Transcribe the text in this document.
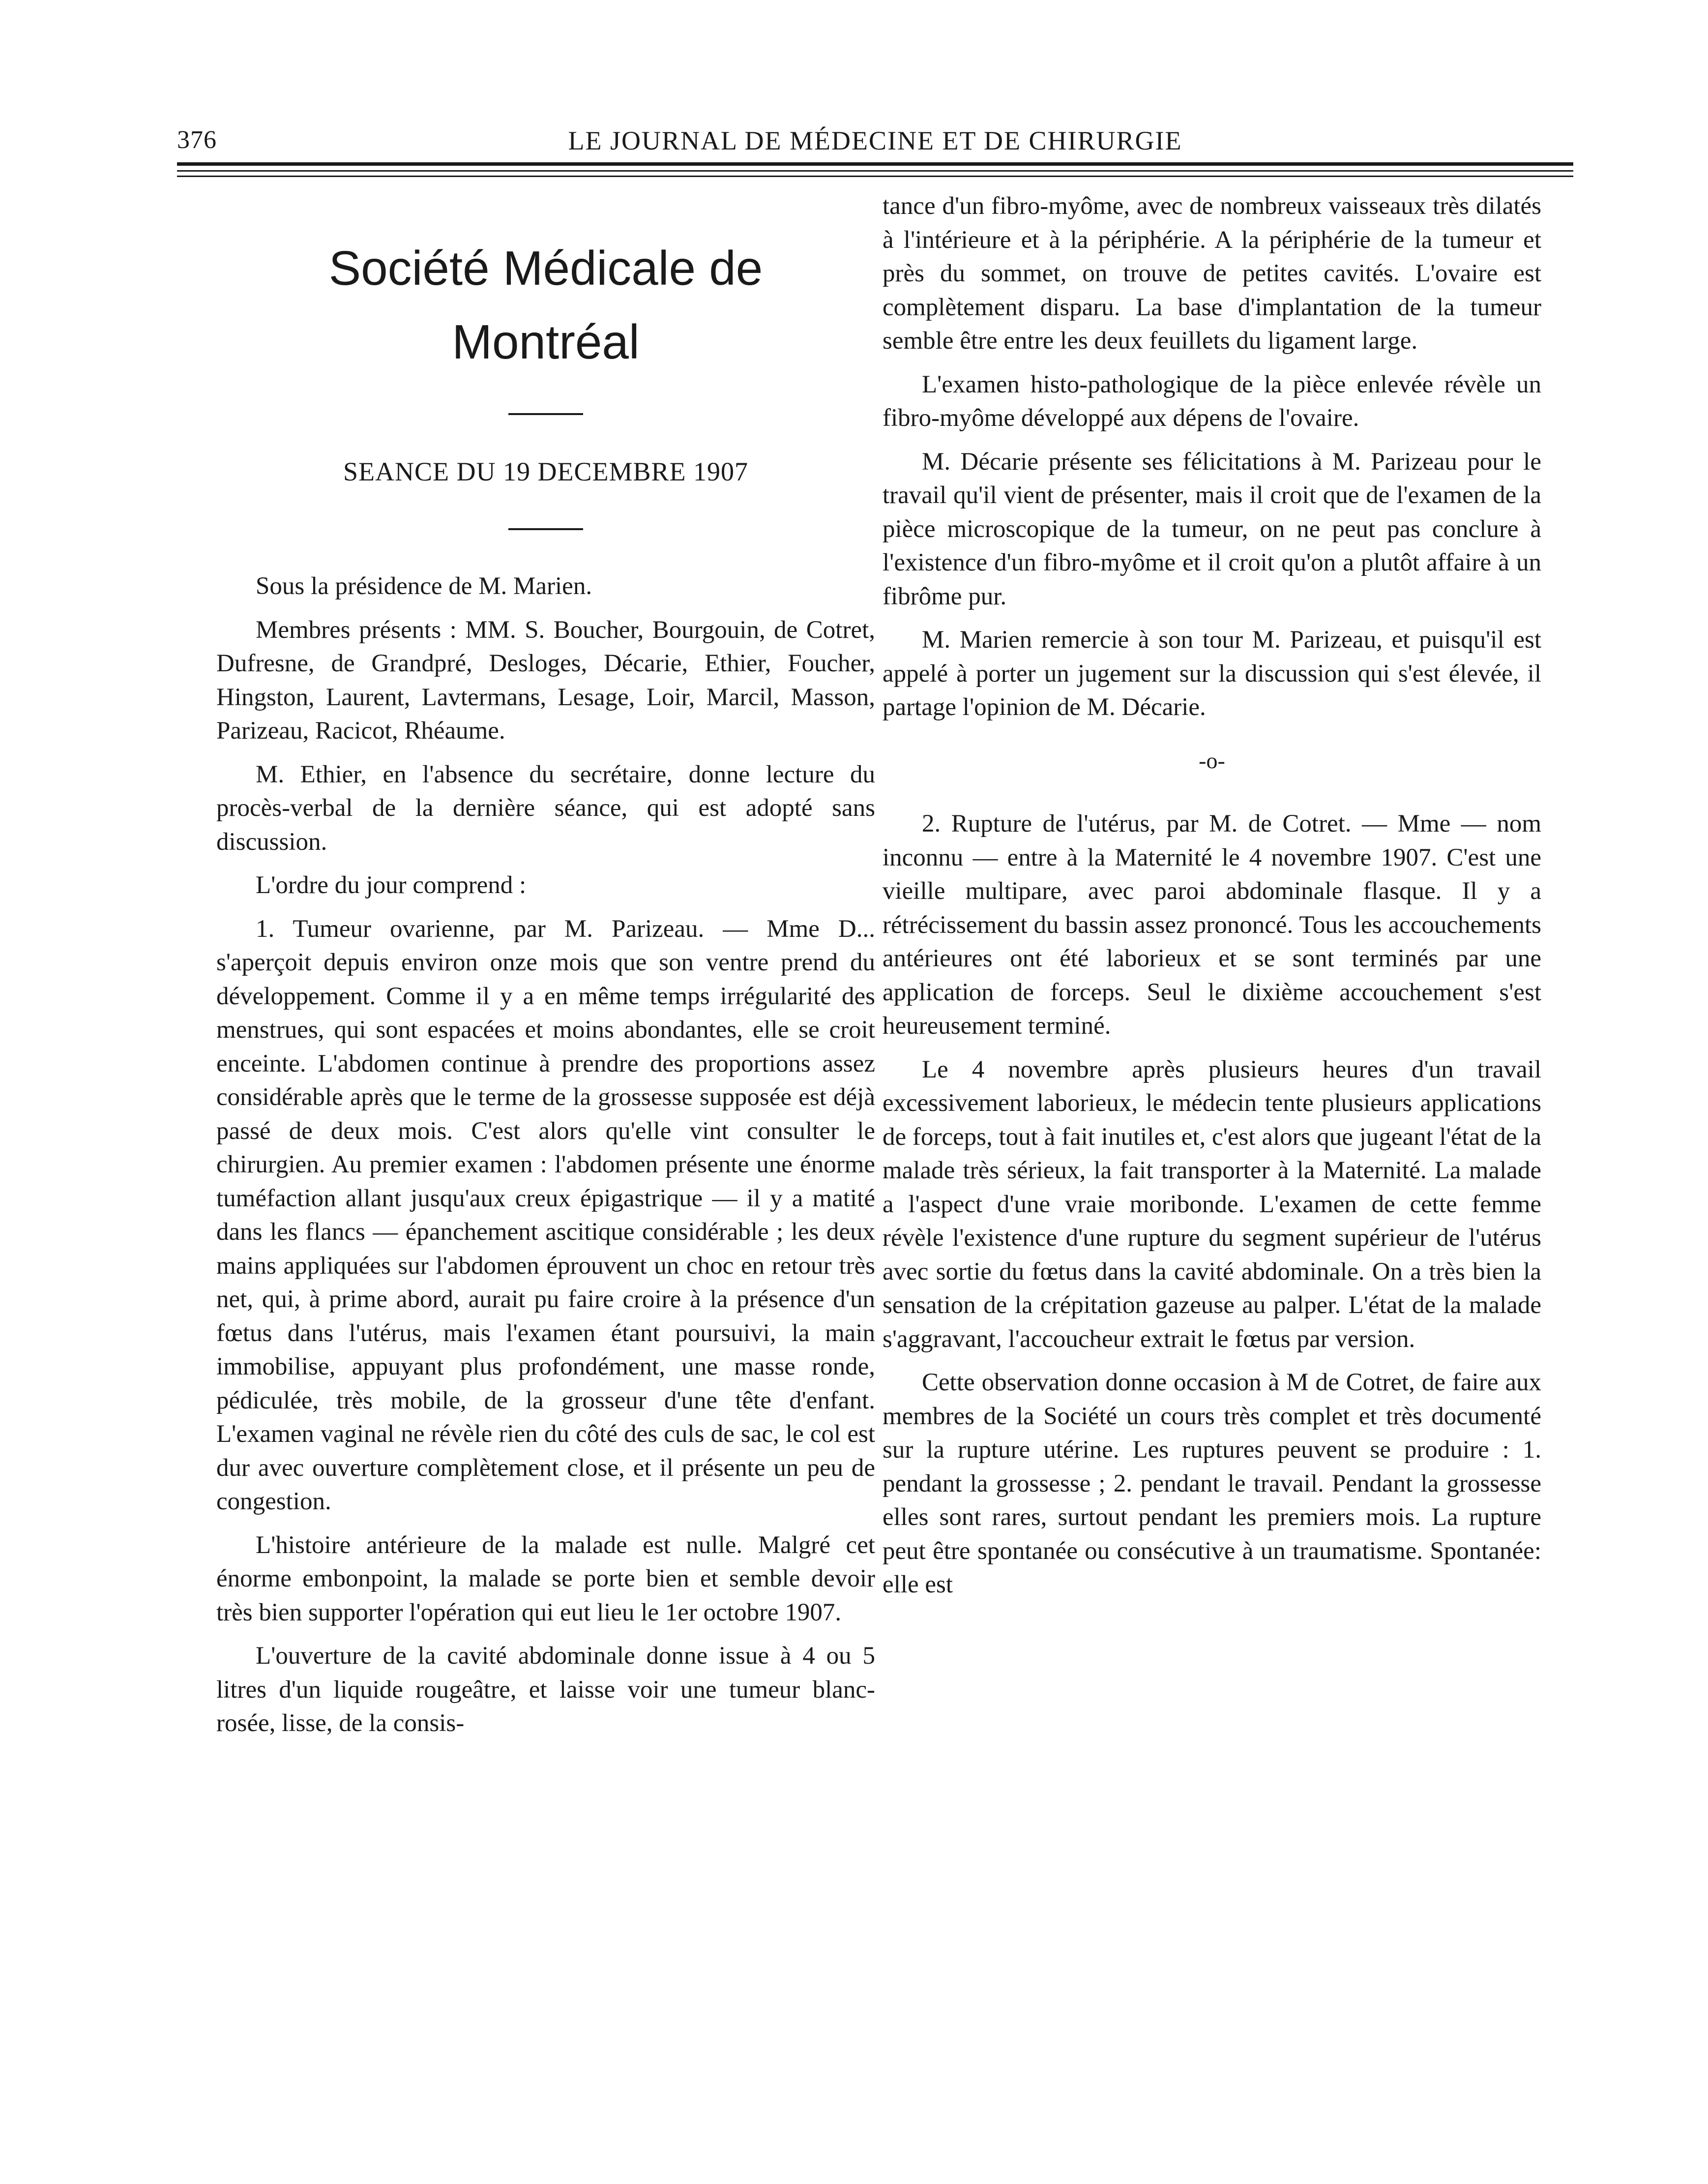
376	LE JOURNAL DE MÉDECINE ET DE CHIRURGIE
Société Médicale de
Montréal
SEANCE DU 19 DECEMBRE 1907

Sous la présidence de M. Marien.

Membres présents : MM. S. Boucher, Bourgouin, de Cotret, Dufresne, de Grandpré, Desloges, Décarie, Ethier, Foucher, Hingston, Laurent, Lavtermans, Lesage, Loir, Marcil, Masson, Parizeau, Racicot, Rhéaume.

M. Ethier, en l'absence du secrétaire, donne lecture du procès-verbal de la dernière séance, qui est adopté sans discussion.

L'ordre du jour comprend :

1. Tumeur ovarienne, par M. Parizeau. — Mme D... s'aperçoit depuis environ onze mois que son ventre prend du développement. Comme il y a en même temps irrégularité des menstrues, qui sont espacées et moins abondantes, elle se croit enceinte. L'abdomen continue à prendre des proportions assez considérable après que le terme de la grossesse supposée est déjà passé de deux mois. C'est alors qu'elle vint consulter le chirurgien. Au premier examen : l'abdomen présente une énorme tuméfaction allant jusqu'aux creux épigastrique — il y a matité dans les flancs — épanchement ascitique considérable ; les deux mains appliquées sur l'abdomen éprouvent un choc en retour très net, qui, à prime abord, aurait pu faire croire à la présence d'un fœtus dans l'utérus, mais l'examen étant poursuivi, la main immobilise, appuyant plus profondément, une masse ronde, pédiculée, très mobile, de la grosseur d'une tête d'enfant. L'examen vaginal ne révèle rien du côté des culs de sac, le col est dur avec ouverture complètement close, et il présente un peu de congestion.

L'histoire antérieure de la malade est nulle. Malgré cet énorme embonpoint, la malade se porte bien et semble devoir très bien supporter l'opération qui eut lieu le 1er octobre 1907.

L'ouverture de la cavité abdominale donne issue à 4 ou 5 litres d'un liquide rougeâtre, et laisse voir une tumeur blanc-rosée, lisse, de la consis-

tance d'un fibro-myôme, avec de nombreux vaisseaux très dilatés à l'intérieure et à la périphérie. A la périphérie de la tumeur et près du sommet, on trouve de petites cavités. L'ovaire est complètement disparu. La base d'implantation de la tumeur semble être entre les deux feuillets du ligament large.

L'examen histo-pathologique de la pièce enlevée révèle un fibro-myôme développé aux dépens de l'ovaire.

M. Décarie présente ses félicitations à M. Parizeau pour le travail qu'il vient de présenter, mais il croit que de l'examen de la pièce microscopique de la tumeur, on ne peut pas conclure à l'existence d'un fibro-myôme et il croit qu'on a plutôt affaire à un fibrôme pur.

M. Marien remercie à son tour M. Parizeau, et puisqu'il est appelé à porter un jugement sur la discussion qui s'est élevée, il partage l'opinion de M. Décarie.

-o-

2. Rupture de l'utérus, par M. de Cotret. — Mme — nom inconnu — entre à la Maternité le 4 novembre 1907. C'est une vieille multipare, avec paroi abdominale flasque. Il y a rétrécissement du bassin assez prononcé. Tous les accouchements antérieures ont été laborieux et se sont terminés par une application de forceps. Seul le dixième accouchement s'est heureusement terminé.

Le 4 novembre après plusieurs heures d'un travail excessivement laborieux, le médecin tente plusieurs applications de forceps, tout à fait inutiles et, c'est alors que jugeant l'état de la malade très sérieux, la fait transporter à la Maternité. La malade a l'aspect d'une vraie moribonde. L'examen de cette femme révèle l'existence d'une rupture du segment supérieur de l'utérus avec sortie du fœtus dans la cavité abdominale. On a très bien la sensation de la crépitation gazeuse au palper. L'état de la malade s'aggravant, l'accoucheur extrait le fœtus par version.

Cette observation donne occasion à M de Cotret, de faire aux membres de la Société un cours très complet et très documenté sur la rupture utérine. Les ruptures peuvent se produire : 1. pendant la grossesse ; 2. pendant le travail. Pendant la grossesse elles sont rares, surtout pendant les premiers mois. La rupture peut être spontanée ou consécutive à un traumatisme. Spontanée: elle est
